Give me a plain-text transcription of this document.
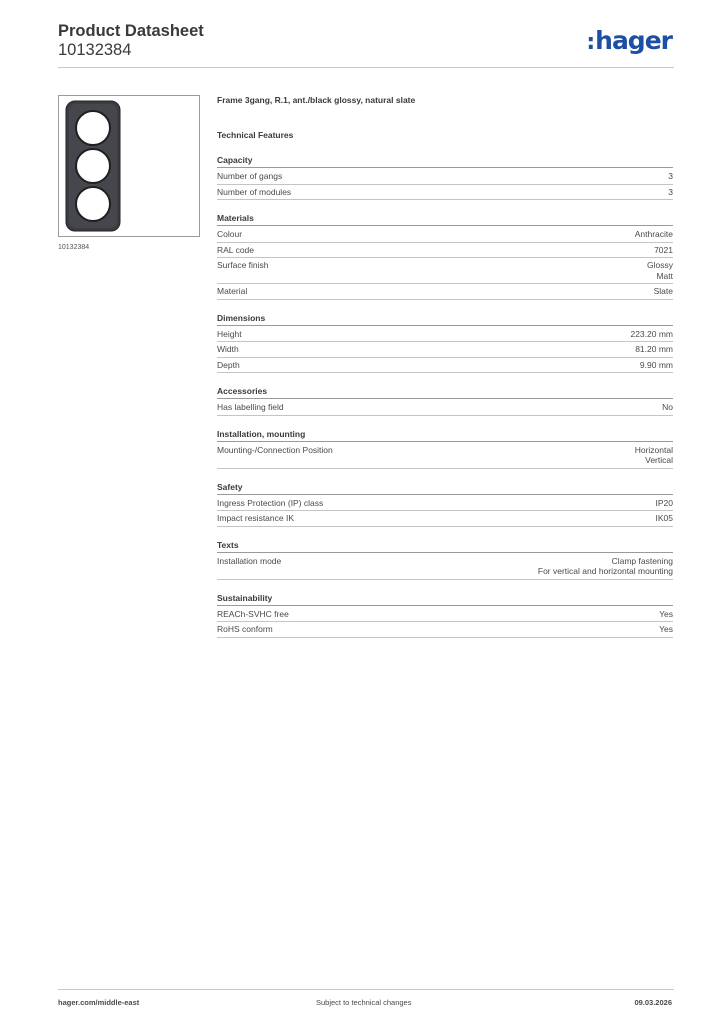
Product Datasheet
10132384	:hager
10132384
Frame 3gang, R.1, ant./black glossy, natural slate
Technical Features
Capacity
Number of gangs	3
Number of modules	3
Materials
Colour	Anthracite
RAL code	7021
Surface finish	Glossy
Matt
Material	Slate
Dimensions
Height	223.20 mm
Width	81.20 mm
Depth	9.90 mm
Accessories
Has labelling field	No
Installation, mounting
Mounting-/Connection Position	Horizontal
Vertical
Safety
Ingress Protection (IP) class	IP20
Impact resistance IK	IK05
Texts
Installation mode	Clamp fastening
For vertical and horizontal mounting
Sustainability
REACh-SVHC free	Yes
RoHS conform	Yes
hager.com/middle-east	Subject to technical changes	09.03.2026
